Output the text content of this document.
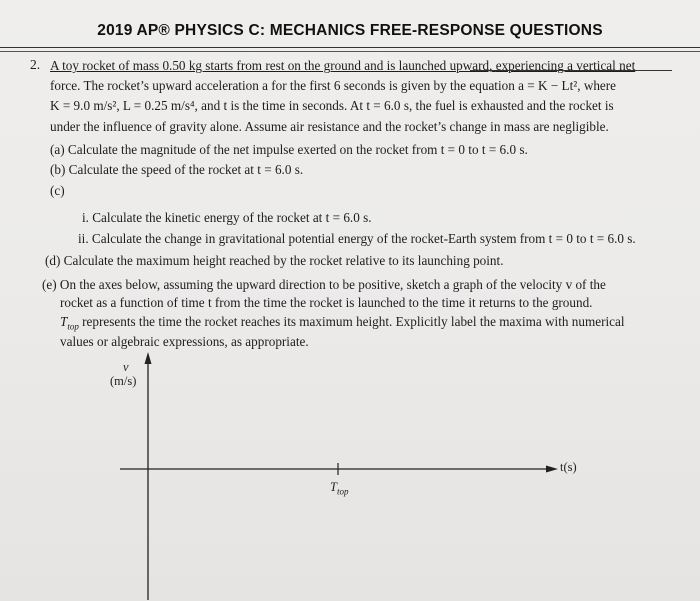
2019 AP® PHYSICS C: MECHANICS FREE-RESPONSE QUESTIONS
2. A toy rocket of mass 0.50 kg starts from rest on the ground and is launched upward, experiencing a vertical net
force. The rocket’s upward acceleration a for the first 6 seconds is given by the equation a = K − Lt², where
K = 9.0 m/s², L = 0.25 m/s⁴, and t is the time in seconds. At t = 6.0 s, the fuel is exhausted and the rocket is
under the influence of gravity alone. Assume air resistance and the rocket’s change in mass are negligible.
(a) Calculate the magnitude of the net impulse exerted on the rocket from t = 0 to t = 6.0 s.
(b) Calculate the speed of the rocket at t = 6.0 s.
(c)
i. Calculate the kinetic energy of the rocket at t = 6.0 s.
ii. Calculate the change in gravitational potential energy of the rocket-Earth system from t = 0 to t = 6.0 s.
(d) Calculate the maximum height reached by the rocket relative to its launching point.
(e) On the axes below, assuming the upward direction to be positive, sketch a graph of the velocity v of the
rocket as a function of time t from the time the rocket is launched to the time it returns to the ground.
$T_{top}$ represents the time the rocket reaches its maximum height. Explicitly label the maxima with numerical
values or algebraic expressions, as appropriate.
v
(m/s)
t(s)
$T_{top}$
